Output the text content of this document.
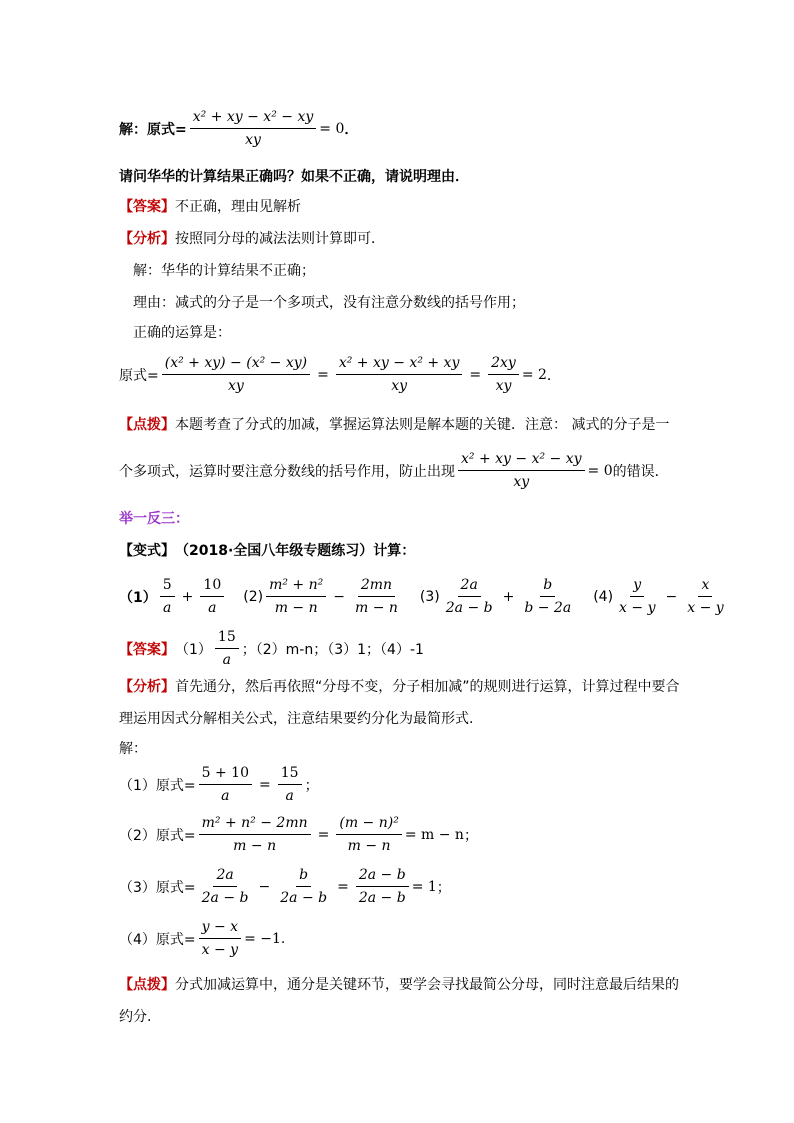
解：原式= $\frac{\text{x² + xy − x² − xy}}{xy} = 0$ ．
请问华华的计算结果正确吗？如果不正确，请说明理由．
【答案】 不正确，理由见解析
【分析】 按照同分母的减法法则计算即可．
解：华华的计算结果不正确；
理由：减式的分子是一个多项式，没有注意分数线的括号作用；
正确的运算是：
原式= $\frac{\text{(x² + xy) − (x² − xy)}}{xy} = \frac{\text{x² + xy − x² + xy}}{xy} = \frac{2xy}{xy} = 2$ ．
【点拨】 本题考查了分式的加减，掌握运算法则是解本题的关键．注意： 减式的分子是一
个多项式，运算时要注意分数线的括号作用，防止出现 $\frac{\text{x² + xy − x² − xy}}{xy} = 0$ 的错误．
举一反三：
【变式】 （2018·全国八年级专题练习）计算：
$(1) \frac{5}{a} + \frac{10}{a} (2) \frac{\text{m² + n²}}{m - n} - \frac{2mn}{m - n} (3) \frac{2a}{2a - b} + \frac{b}{b - 2a} (4) \frac{y}{x - y} - \frac{x}{x - y}$
【答案】 $(1) \frac{15}{a}$ ；（2）m-n；（3）1；（4）-1
【分析】 首先通分，然后再依照“分母不变，分子相加减”的规则进行运算，计算过程中要合
理运用因式分解相关公式，注意结果要约分化为最简形式.
解：
（1）原式= $\frac{5 + 10}{a} = \frac{15}{a}$ ；
（2）原式= $\frac{\text{m² + n² − 2mn}}{m - n} = \frac{\text{(m − n)²}}{m - n} = m - n$ ；
（3）原式= $\frac{2a}{2a - b} - \frac{b}{2a - b} = \frac{2a - b}{2a - b} = 1$ ；
（4）原式= $\frac{y - x}{x - y} = -1$ .
【点拨】 分式加减运算中，通分是关键环节，要学会寻找最简公分母，同时注意最后结果的
约分.
